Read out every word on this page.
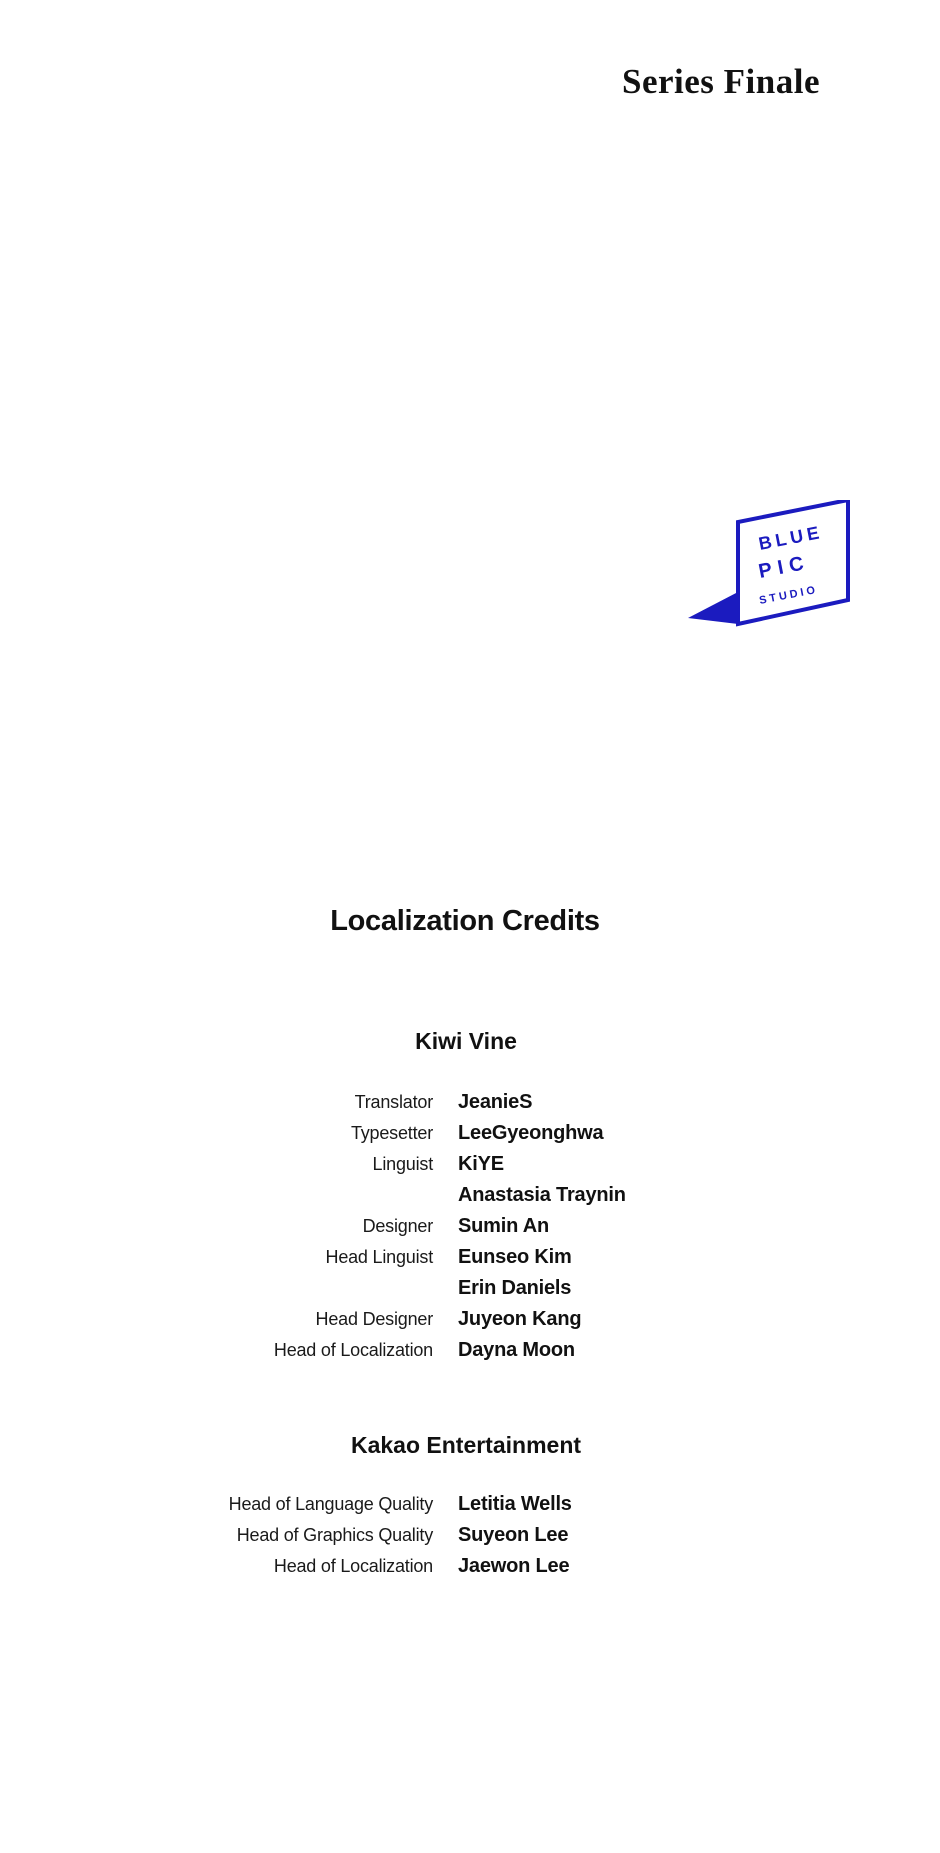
Series Finale
BLUE
PIC
STUDIO
Localization Credits
Kiwi Vine
Translator	JeanieS
Typesetter	LeeGyeonghwa
Linguist	KiYE
Anastasia Traynin
Designer	Sumin An
Head Linguist	Eunseo Kim
Erin Daniels
Head Designer	Juyeon Kang
Head of Localization	Dayna Moon
Kakao Entertainment
Head of Language Quality	Letitia Wells
Head of Graphics Quality	Suyeon Lee
Head of Localization	Jaewon Lee
